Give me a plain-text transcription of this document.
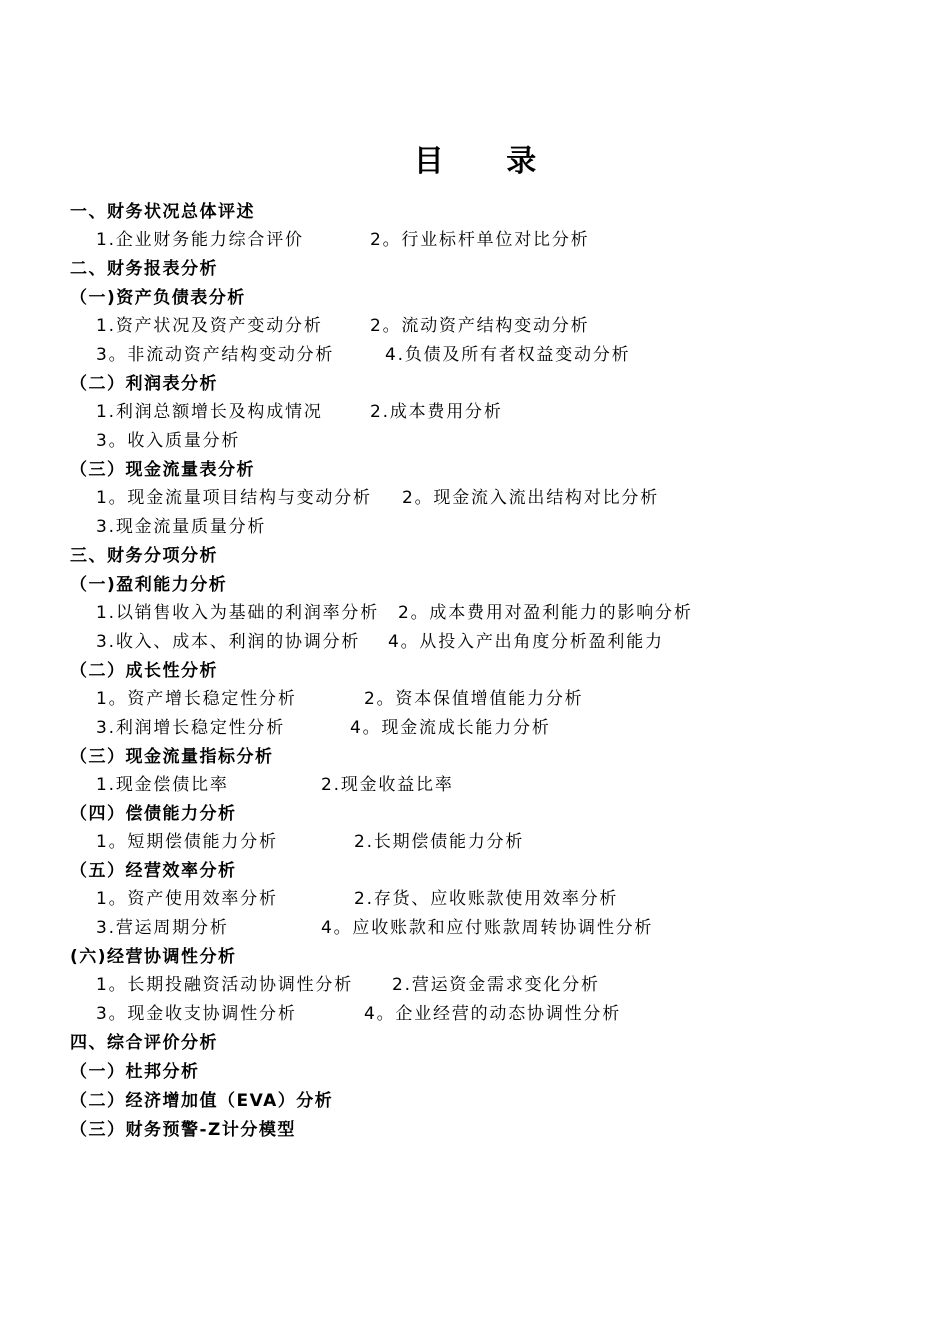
目 录
一、财务状况总体评述
1.企业财务能力综合评价	2。行业标杆单位对比分析
二、财务报表分析
（一)资产负债表分析
1.资产状况及资产变动分析	2。流动资产结构变动分析
3。非流动资产结构变动分析	4.负债及所有者权益变动分析
（二）利润表分析
1.利润总额增长及构成情况	2.成本费用分析
3。收入质量分析
（三）现金流量表分析
1。现金流量项目结构与变动分析 2。现金流入流出结构对比分析
3.现金流量质量分析
三、财务分项分析
（一)盈利能力分析
1.以销售收入为基础的利润率分析 2。成本费用对盈利能力的影响分析
3.收入、成本、利润的协调分析 4。从投入产出角度分析盈利能力
（二）成长性分析
1。资产增长稳定性分析	2。资本保值增值能力分析
3.利润增长稳定性分析	4。现金流成长能力分析
（三）现金流量指标分析
1.现金偿债比率	2.现金收益比率
（四）偿债能力分析
1。短期偿债能力分析	2.长期偿债能力分析
（五）经营效率分析
1。资产使用效率分析	2.存货、应收账款使用效率分析
3.营运周期分析	4。应收账款和应付账款周转协调性分析
(六)经营协调性分析
1。长期投融资活动协调性分析 2.营运资金需求变化分析
3。现金收支协调性分析	4。企业经营的动态协调性分析
四、综合评价分析
（一）杜邦分析
（二）经济增加值（EVA）分析
（三）财务预警-Z计分模型
